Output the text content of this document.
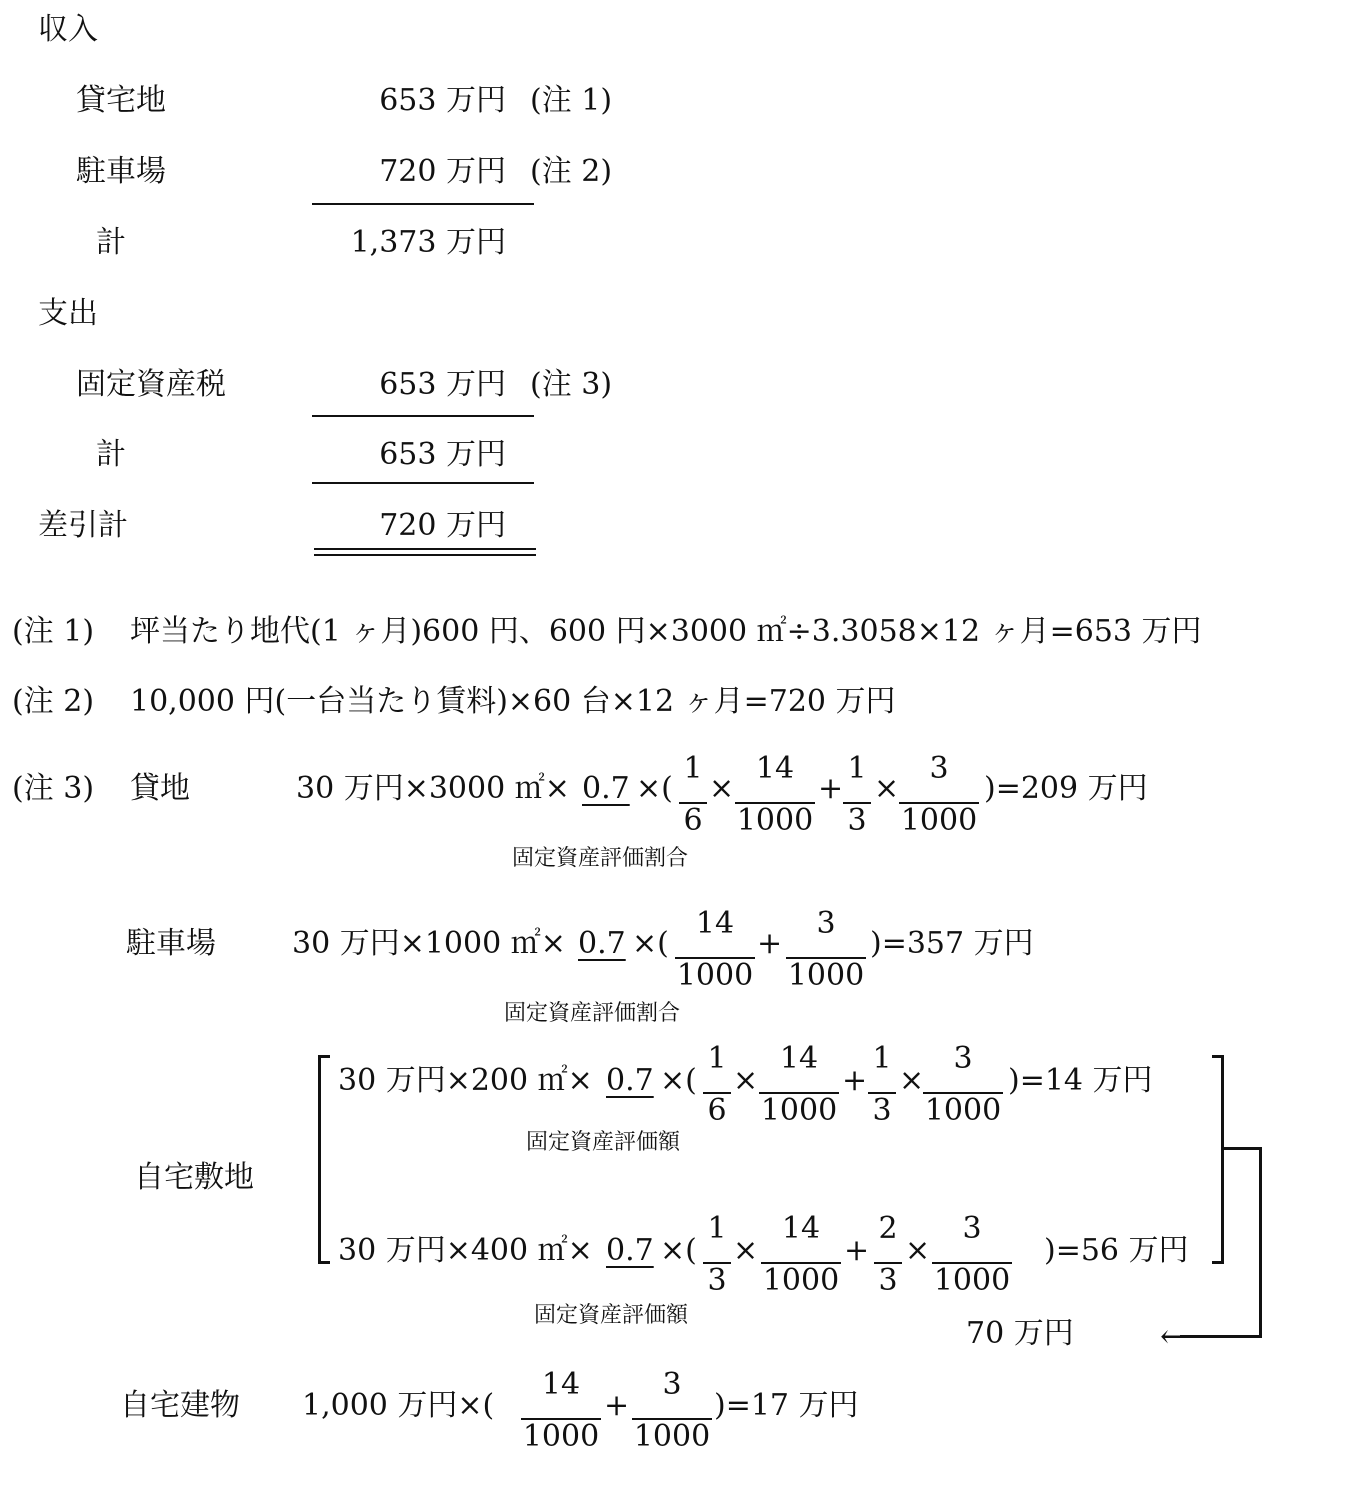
収入
貸宅地	653 万円 (注 1)
駐車場	720 万円 (注 2)
計	1,373 万円
支出
固定資産税	653 万円 (注 3)
計	653 万円
差引計	720 万円
(注 1) 坪当たり地代(1 ヶ月)600 円、600 円×3000 ㎡÷3.3058×12 ヶ月=653 万円
(注 2) 10,000 円(一台当たり賃料)×60 台×12 ヶ月=720 万円
(注 3) 貸地	30 万円×3000 ㎡× 0.7 ×(
1
6
×
14
1000
+
1
3
×
3
1000
)=209 万円
固定資産評価割合
駐車場	30 万円×1000 ㎡× 0.7 ×(
14
1000
+
3
1000
)=357 万円
固定資産評価割合
自宅敷地
30 万円×200 ㎡× 0.7 ×(
1
6
×
14
1000
+
1
3
×
3
1000
)=14 万円
固定資産評価額
30 万円×400 ㎡× 0.7 ×(
1
3
×
14
1000
+
2
3
×
3
1000
)=56 万円
固定資産評価額
←
70 万円
自宅建物 1,000 万円×(
14
1000
+
3
1000
)=17 万円
